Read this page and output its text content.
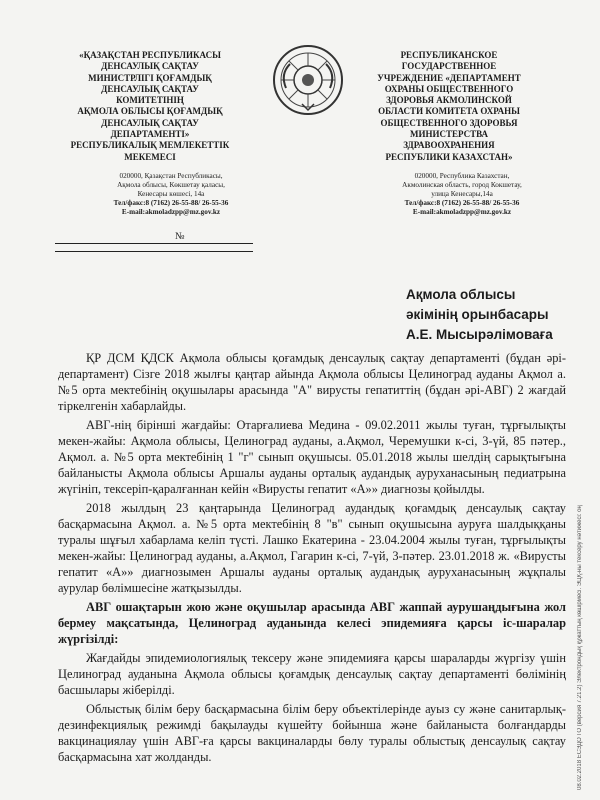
«ҚАЗАҚСТАН РЕСПУБЛИКАСЫ
ДЕНСАУЛЫҚ САҚТАУ
МИНИСТРЛІГІ ҚОҒАМДЫҚ
ДЕНСАУЛЫҚ САҚТАУ
КОМИТЕТІНІҢ
АҚМОЛА ОБЛЫСЫ ҚОҒАМДЫҚ
ДЕНСАУЛЫҚ САҚТАУ
ДЕПАРТАМЕНТІ»
РЕСПУБЛИКАЛЫҚ МЕМЛЕКЕТТІК
МЕКЕМЕСІ
РЕСПУБЛИКАНСКОЕ
ГОСУДАРСТВЕННОЕ
УЧРЕЖДЕНИЕ «ДЕПАРТАМЕНТ
ОХРАНЫ ОБЩЕСТВЕННОГО
ЗДОРОВЬЯ АКМОЛИНСКОЙ
ОБЛАСТИ КОМИТЕТА ОХРАНЫ
ОБЩЕСТВЕННОГО ЗДОРОВЬЯ
МИНИСТЕРСТВА
ЗДРАВООХРАНЕНИЯ
РЕСПУБЛИКИ КАЗАХСТАН»
020000, Қазақстан Республикасы,
Ақмола облысы, Көкшетау қаласы,
Кенесары көшесі, 14а
Тел/факс:8 (7162) 26-55-88/ 26-55-36
E-mail:akmoladzpp@mz.gov.kz
020000, Республика Казахстан,
Акмолинская область, город Кокшетау,
улица Кенесары,14а
Тел/факс:8 (7162) 26-55-88/ 26-55-36
E-mail:akmoladzpp@mz.gov.kz
№
Ақмола облысы
әкімінің орынбасары
А.Е. Мысырәлімоваға

ҚР ДСМ ҚДСК Ақмола облысы қоғамдық денсаулық сақтау департаменті (бұдан әрі-департамент) Сізге 2018 жылғы қаңтар айында Ақмола облысы Целиноград ауданы Ақмол а. №5 орта мектебінің оқушылары арасында "А" вирусты гепатиттің (бұдан әрі-АВГ) 2 жағдай тіркелгенін хабарлайды.

АВГ-нің бірінші жағдайы: Отарғалиева Медина - 09.02.2011 жылы туған, тұрғылықты мекен-жайы: Ақмола облысы, Целиноград ауданы, а.Ақмол, Черемушки к-сі, 3-үй, 85 пәтер., Ақмол. а. №5 орта мектебінің 1 "г" сынып оқушысы. 05.01.2018 жылы шелдің сарықтығына байланысты Ақмола облысы Аршалы ауданы орталық аудандық ауруханасының педиатрына жүгініп, тексеріп-қаралғаннан кейін «Вирусты гепатит «А»» диагнозы қойылды.

2018 жылдың 23 қаңтарында Целиноград аудандық қоғамдық денсаулық сақтау басқармасына Ақмол. а. №5 орта мектебінің 8 "в" сынып оқушысына ауруға шалдыққаны туралы шұғыл хабарлама келіп түсті. Лашко Екатерина - 23.04.2004 жылы туған, тұрғылықты мекен-жайы: Целиноград ауданы, а.Ақмол, Гагарин к-сі, 7-үй, 3-пәтер. 23.01.2018 ж. «Вирусты гепатит «А»» диагнозымен Аршалы ауданы орталық аудандық ауруханасының жұқпалы аурулар бөлімшесіне жатқызылды.

АВГ ошақтарын жою және оқушылар арасында АВГ жаппай аурушаңдығына жол бермеу мақсатында, Целиноград ауданында келесі эпидемияға қарсы іс-шаралар жүргізілді:

Жағдайды эпидемиологиялық тексеру және эпидемияға қарсы шараларды жүргізу үшін Целиноград ауданына Ақмола облысы қоғамдық денсаулық сақтау департаменті бөлімінің басшылары жіберілді.

Облыстық білім беру басқармасына білім беру объектілерінде ауыз су және санитарлық-дезинфекциялық режимді бақылауды күшейту бойынша және байланыста болғандарды вакцинациялау үшін АВГ-ға қарсы вакциналарды бөлу туралы облыстық денсаулық сақтау басқармасына хат жолданды.	08.02.2018 ЕСЭДО ГО (версия 7.21.2) Электрондық құжаттың көшірмесі. ЭЦҚ-ны тексеру нәтижесі: оң
